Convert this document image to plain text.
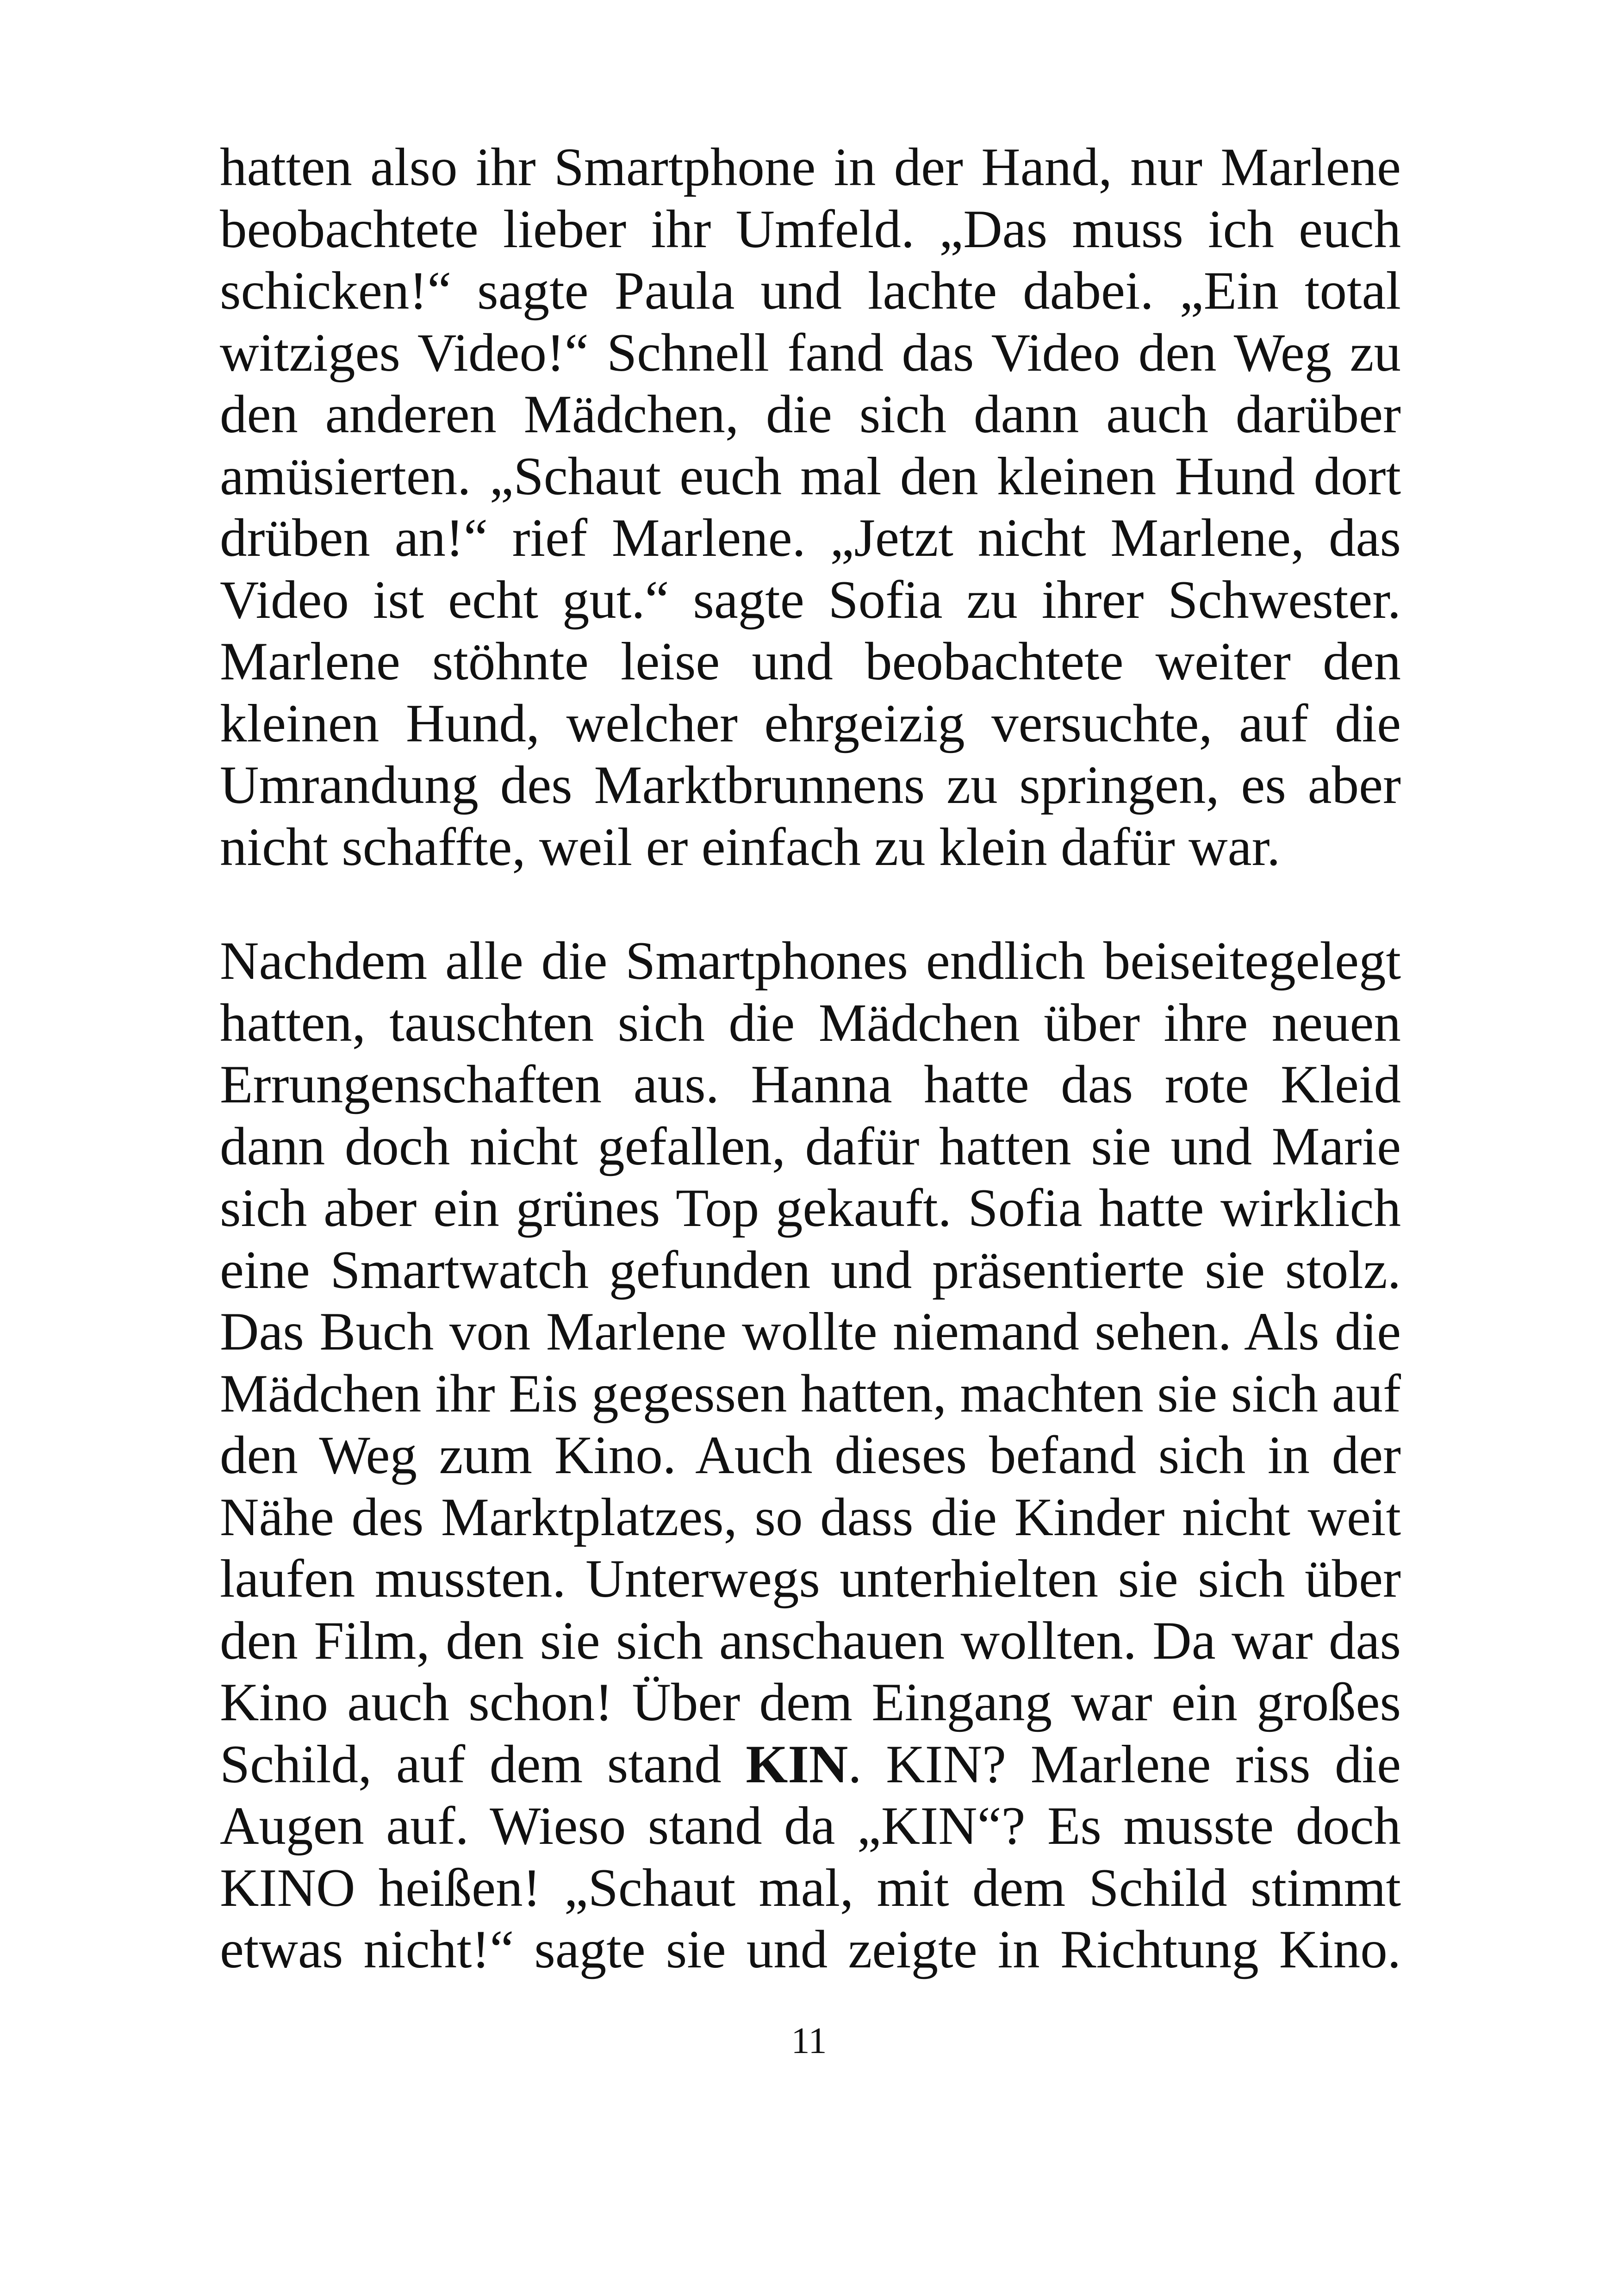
hatten also ihr Smartphone in der Hand, nur Marlene
beobachtete lieber ihr Umfeld. „Das muss ich euch
schicken!“ sagte Paula und lachte dabei. „Ein total
witziges Video!“ Schnell fand das Video den Weg zu
den anderen Mädchen, die sich dann auch darüber
amüsierten. „Schaut euch mal den kleinen Hund dort
drüben an!“ rief Marlene. „Jetzt nicht Marlene, das
Video ist echt gut.“ sagte Sofia zu ihrer Schwester.
Marlene stöhnte leise und beobachtete weiter den
kleinen Hund, welcher ehrgeizig versuchte, auf die
Umrandung des Marktbrunnens zu springen, es aber
nicht schaffte, weil er einfach zu klein dafür war.

Nachdem alle die Smartphones endlich beiseitegelegt
hatten, tauschten sich die Mädchen über ihre neuen
Errungenschaften aus. Hanna hatte das rote Kleid
dann doch nicht gefallen, dafür hatten sie und Marie
sich aber ein grünes Top gekauft. Sofia hatte wirklich
eine Smartwatch gefunden und präsentierte sie stolz.
Das Buch von Marlene wollte niemand sehen. Als die
Mädchen ihr Eis gegessen hatten, machten sie sich auf
den Weg zum Kino. Auch dieses befand sich in der
Nähe des Marktplatzes, so dass die Kinder nicht weit
laufen mussten. Unterwegs unterhielten sie sich über
den Film, den sie sich anschauen wollten. Da war das
Kino auch schon! Über dem Eingang war ein großes
Schild, auf dem stand KIN. KIN? Marlene riss die
Augen auf. Wieso stand da „KIN“? Es musste doch
KINO heißen! „Schaut mal, mit dem Schild stimmt
etwas nicht!“ sagte sie und zeigte in Richtung Kino.

11
